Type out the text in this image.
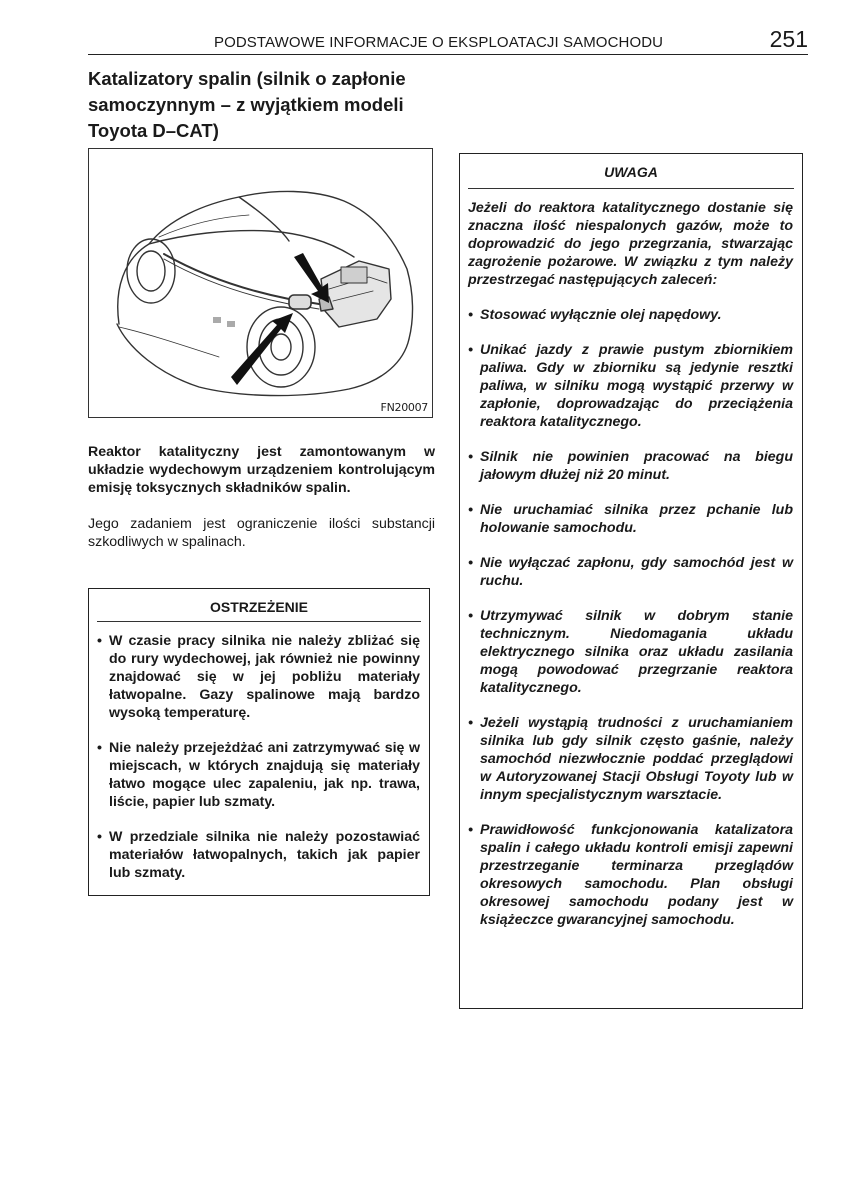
PODSTAWOWE INFORMACJE O EKSPLOATACJI SAMOCHODU	251
Katalizatory spalin (silnik o zapłonie samoczynnym – z wyjątkiem modeli Toyota D–CAT)
FN20007

Reaktor katalityczny jest zamontowanym w układzie wydechowym urządzeniem kontrolującym emisję toksycznych składników spalin.

Jego zadaniem jest ograniczenie ilości substancji szkodliwych w spalinach.

OSTRZEŻENIE
• W czasie pracy silnika nie należy zbliżać się do rury wydechowej, jak również nie powinny znajdować się w jej pobliżu materiały łatwopalne. Gazy spalinowe mają bardzo wysoką temperaturę.
• Nie należy przejeżdżać ani zatrzymywać się w miejscach, w których znajdują się materiały łatwo mogące ulec zapaleniu, jak np. trawa, liście, papier lub szmaty.
• W przedziale silnika nie należy pozostawiać materiałów łatwopalnych, takich jak papier lub szmaty.
UWAGA

Jeżeli do reaktora katalitycznego dostanie się znaczna ilość niespalonych gazów, może to doprowadzić do jego przegrzania, stwarzając zagrożenie pożarowe. W związku z tym należy przestrzegać następujących zaleceń:

• Stosować wyłącznie olej napędowy.
• Unikać jazdy z prawie pustym zbiornikiem paliwa. Gdy w zbiorniku są jedynie resztki paliwa, w silniku mogą wystąpić przerwy w zapłonie, doprowadzając do przeciążenia reaktora katalitycznego.
• Silnik nie powinien pracować na biegu jałowym dłużej niż 20 minut.
• Nie uruchamiać silnika przez pchanie lub holowanie samochodu.
• Nie wyłączać zapłonu, gdy samochód jest w ruchu.
• Utrzymywać silnik w dobrym stanie technicznym. Niedomagania układu elektrycznego silnika oraz układu zasilania mogą powodować przegrzanie reaktora katalitycznego.
• Jeżeli wystąpią trudności z uruchamianiem silnika lub gdy silnik często gaśnie, należy samochód niezwłocznie poddać przeglądowi w Autoryzowanej Stacji Obsługi Toyoty lub w innym specjalistycznym warsztacie.
• Prawidłowość funkcjonowania katalizatora spalin i całego układu kontroli emisji zapewni przestrzeganie terminarza przeglądów okresowych samochodu. Plan obsługi okresowej samochodu podany jest w książeczce gwarancyjnej samochodu.
